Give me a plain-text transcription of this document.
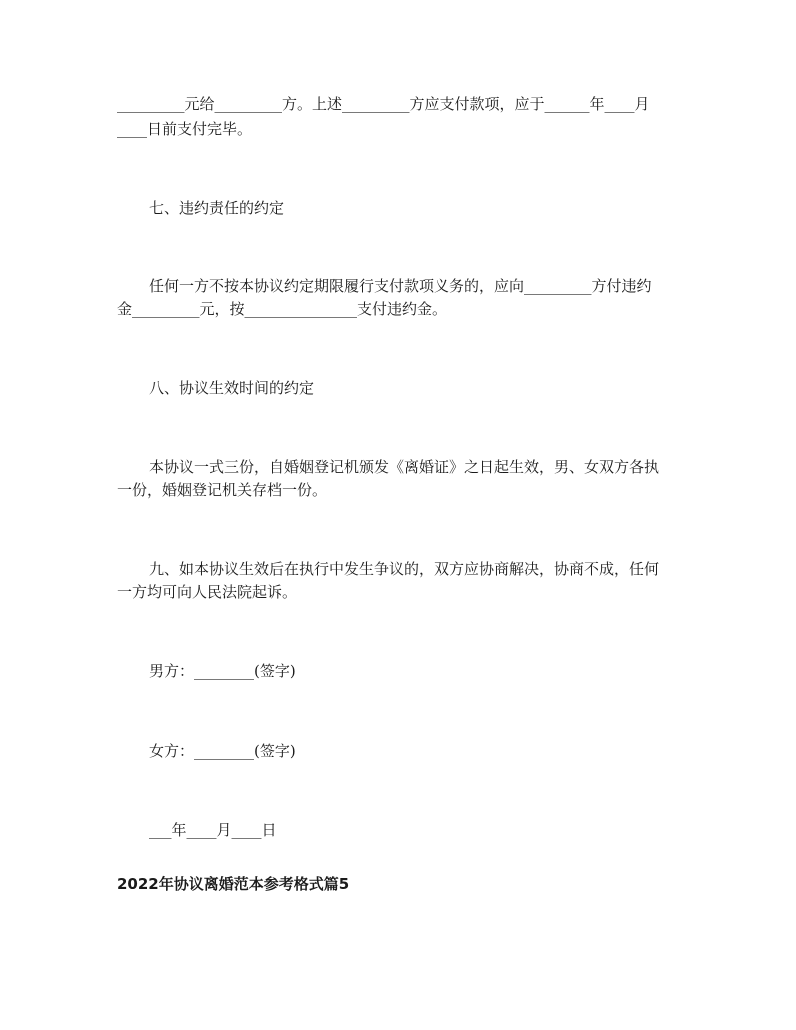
_________元给_________方。上述_________方应支付款项，应于______年____月
____日前支付完毕。
七、违约责任的约定
任何一方不按本协议约定期限履行支付款项义务的，应向_________方付违约
金_________元，按_______________支付违约金。
八、协议生效时间的约定
本协议一式三份，自婚姻登记机颁发《离婚证》之日起生效，男、女双方各执
一份，婚姻登记机关存档一份。
九、如本协议生效后在执行中发生争议的，双方应协商解决，协商不成，任何
一方均可向人民法院起诉。
男方：________(签字)
女方：________(签字)
___年____月____日
2022年协议离婚范本参考格式篇5
